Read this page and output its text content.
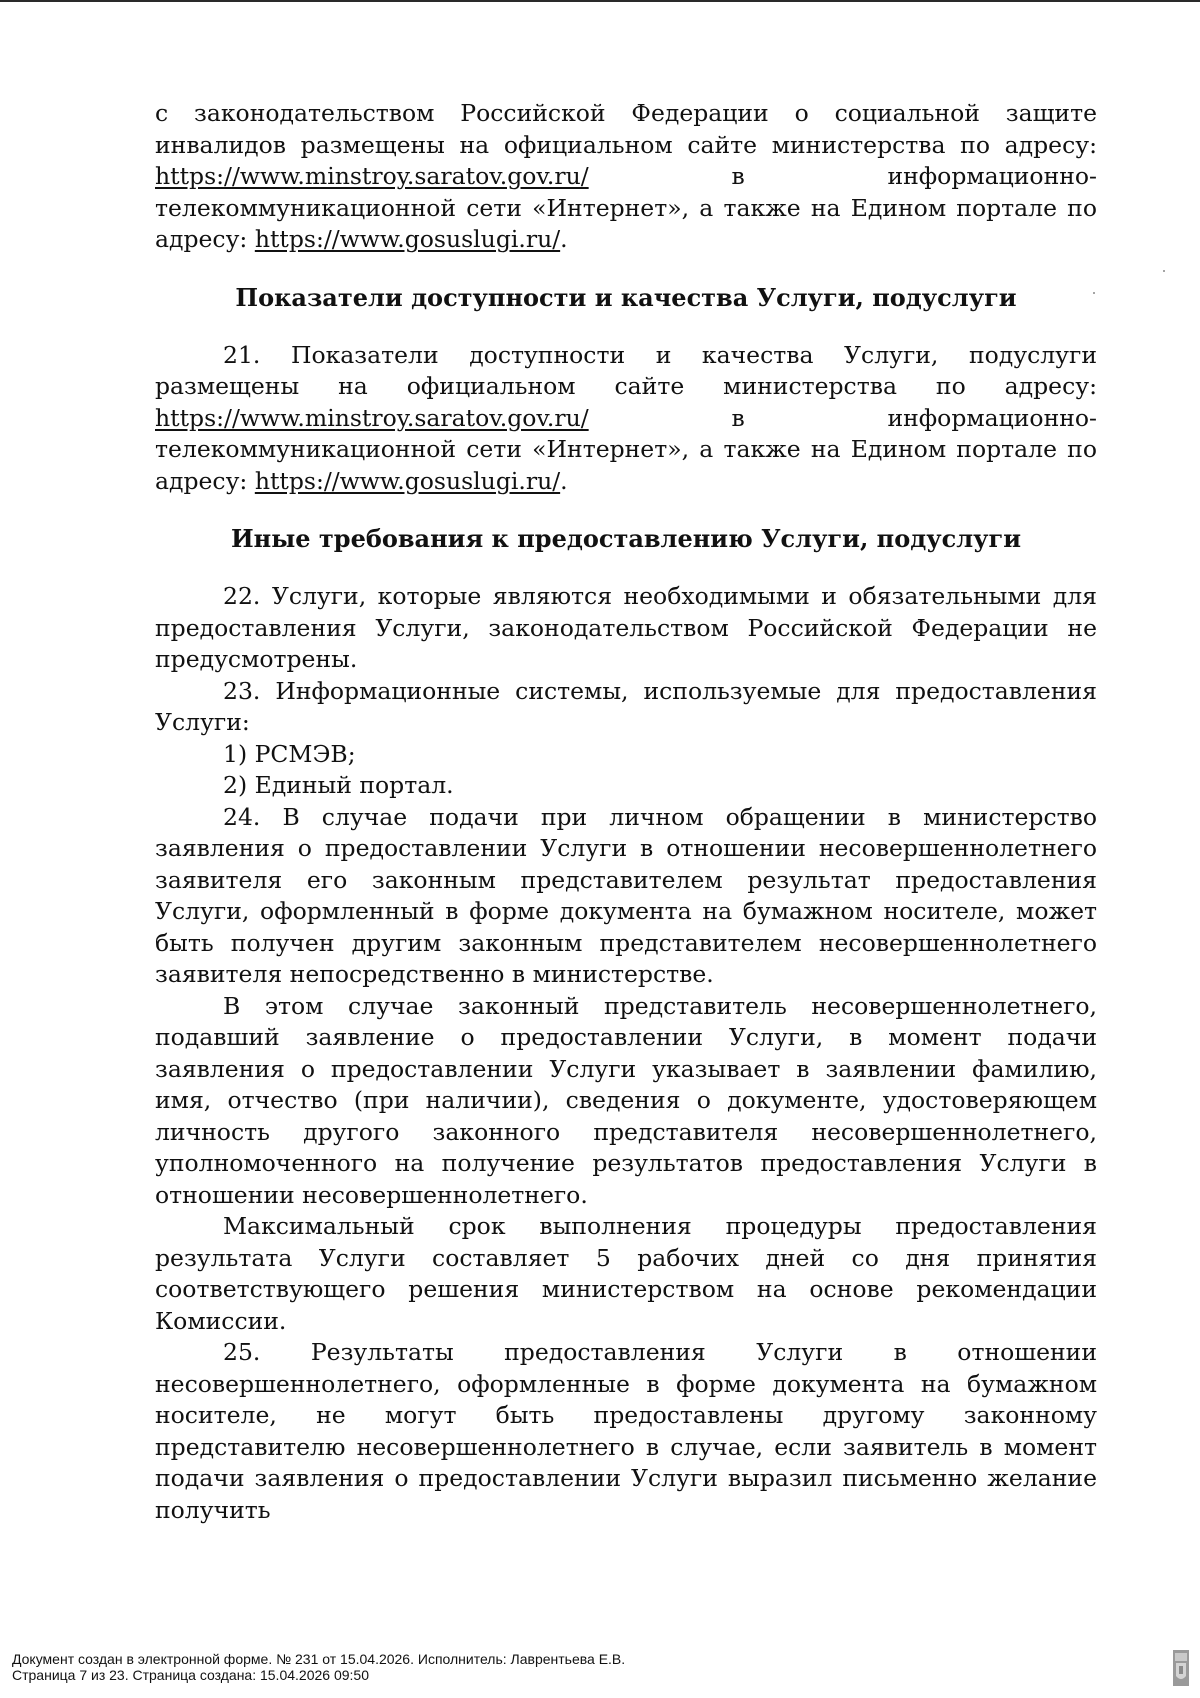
с законодательством Российской Федерации о социальной защите инвалидов размещены на официальном сайте министерства по адресу: https://www.minstroy.saratov.gov.ru/ в информационно-телекоммуникационной сети «Интернет», а также на Едином портале по адресу: https://www.gosuslugi.ru/.

Показатели доступности и качества Услуги, подуслуги

21. Показатели доступности и качества Услуги, подуслуги размещены на официальном сайте министерства по адресу: https://www.minstroy.saratov.gov.ru/ в информационно-телекоммуникационной сети «Интернет», а также на Едином портале по адресу: https://www.gosuslugi.ru/.

Иные требования к предоставлению Услуги, подуслуги

22. Услуги, которые являются необходимыми и обязательными для предоставления Услуги, законодательством Российской Федерации не предусмотрены.

23. Информационные системы, используемые для предоставления Услуги:

1) РСМЭВ;

2) Единый портал.

24. В случае подачи при личном обращении в министерство заявления о предоставлении Услуги в отношении несовершеннолетнего заявителя его законным представителем результат предоставления Услуги, оформленный в форме документа на бумажном носителе, может быть получен другим законным представителем несовершеннолетнего заявителя непосредственно в министерстве.

В этом случае законный представитель несовершеннолетнего, подавший заявление о предоставлении Услуги, в момент подачи заявления о предоставлении Услуги указывает в заявлении фамилию, имя, отчество (при наличии), сведения о документе, удостоверяющем личность другого законного представителя несовершеннолетнего, уполномоченного на получение результатов предоставления Услуги в отношении несовершеннолетнего.

Максимальный срок выполнения процедуры предоставления результата Услуги составляет 5 рабочих дней со дня принятия соответствующего решения министерством на основе рекомендации Комиссии.

25. Результаты предоставления Услуги в отношении несовершеннолетнего, оформленные в форме документа на бумажном носителе, не могут быть предоставлены другому законному представителю несовершеннолетнего в случае, если заявитель в момент подачи заявления о предоставлении Услуги выразил письменно желание получить

Документ создан в электронной форме. № 231 от 15.04.2026. Исполнитель: Лаврентьева Е.В.
Страница 7 из 23. Страница создана: 15.04.2026 09:50
